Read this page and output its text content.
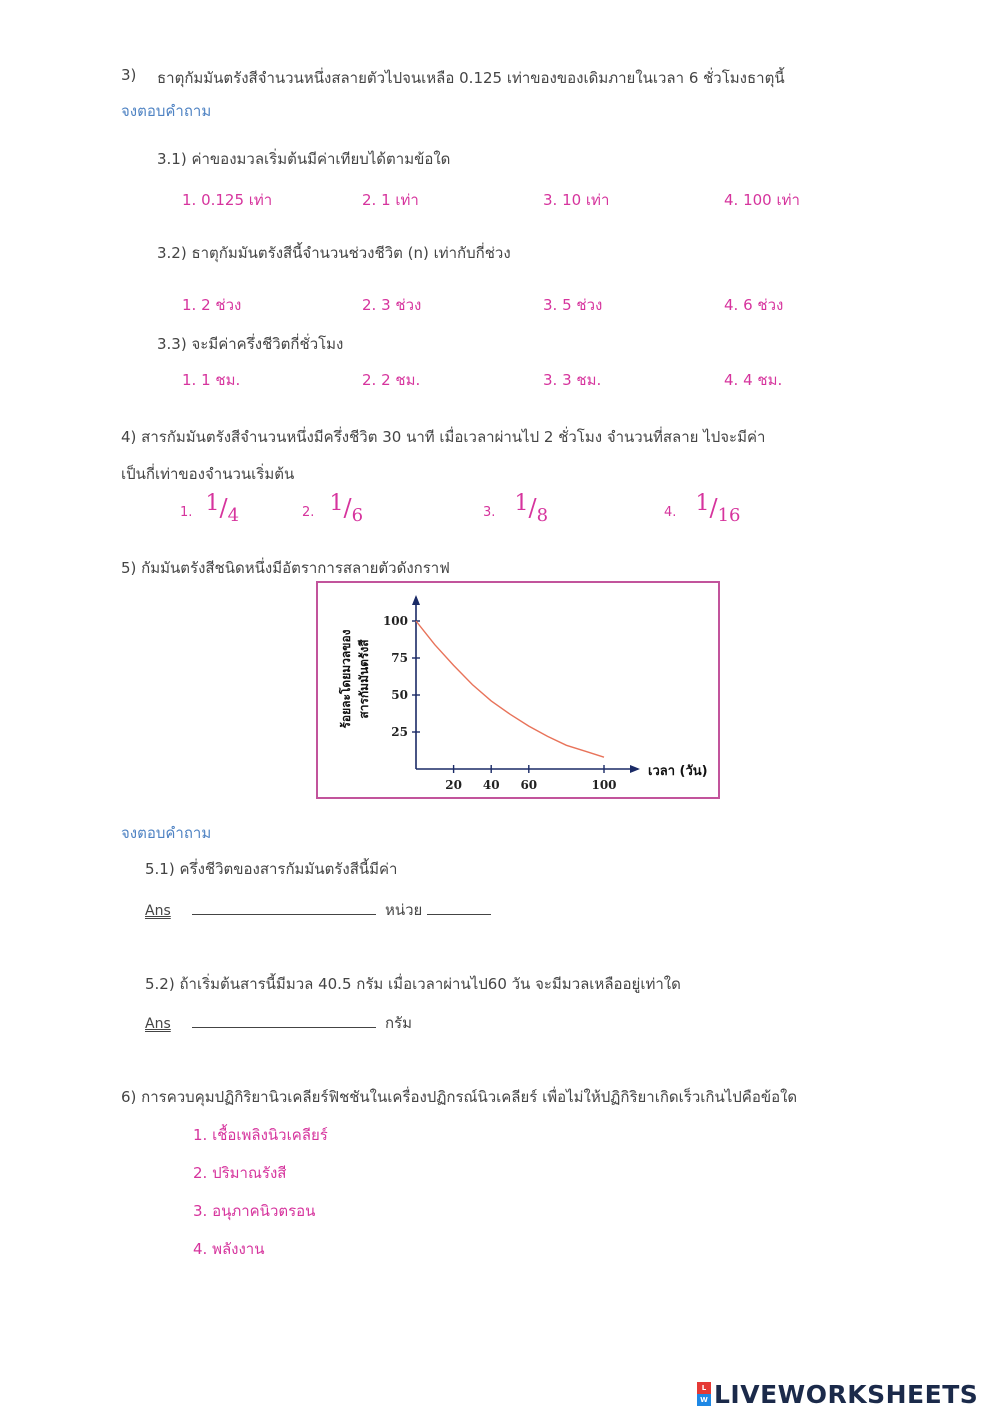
3) ธาตุกัมมันตรังสีจำนวนหนึ่งสลายตัวไปจนเหลือ 0.125 เท่าของของเดิมภายในเวลา 6 ชั่วโมงธาตุนี้
จงตอบคำถาม
3.1) ค่าของมวลเริ่มต้นมีค่าเทียบได้ตามข้อใด
1. 0.125 เท่า	2. 1 เท่า	3. 10 เท่า	4. 100 เท่า
3.2) ธาตุกัมมันตรังสีนี้จำนวนช่วงชีวิต (n) เท่ากับกี่ช่วง
1. 2 ช่วง	2. 3 ช่วง	3. 5 ช่วง	4. 6 ช่วง
3.3) จะมีค่าครึ่งชีวิตกี่ชั่วโมง
1. 1 ชม.	2. 2 ชม.	3. 3 ชม.	4. 4 ชม.
4) สารกัมมันตรังสีจำนวนหนึ่งมีครึ่งชีวิต 30 นาที เมื่อเวลาผ่านไป 2 ชั่วโมง จำนวนที่สลาย ไปจะมีค่า
เป็นกี่เท่าของจำนวนเริ่มต้น
1. 1/4	2. 1/6	3. 1/8	4. 1/16
5) กัมมันตรังสีชนิดหนึ่งมีอัตราการสลายตัวดังกราฟ
20 40 60	100
25
50
75
100
เวลา (วัน)
ร้อยละโดยมวลของ สารกัมมันตรังสี
จงตอบคำถาม
5.1) ครึ่งชีวิตของสารกัมมันตรังสีนี้มีค่า
Ans	หน่วย
5.2) ถ้าเริ่มต้นสารนี้มีมวล 40.5 กรัม เมื่อเวลาผ่านไป60 วัน จะมีมวลเหลืออยู่เท่าใด
Ans	กรัม
6) การควบคุมปฏิกิริยานิวเคลียร์ฟิชชันในเครื่องปฏิกรณ์นิวเคลียร์ เพื่อไม่ให้ปฏิกิริยาเกิดเร็วเกินไปคือข้อใด
1. เชื้อเพลิงนิวเคลียร์
2. ปริมาณรังสี
3. อนุภาคนิวตรอน
4. พลังงาน
L
W LIVEWORKSHEETS
